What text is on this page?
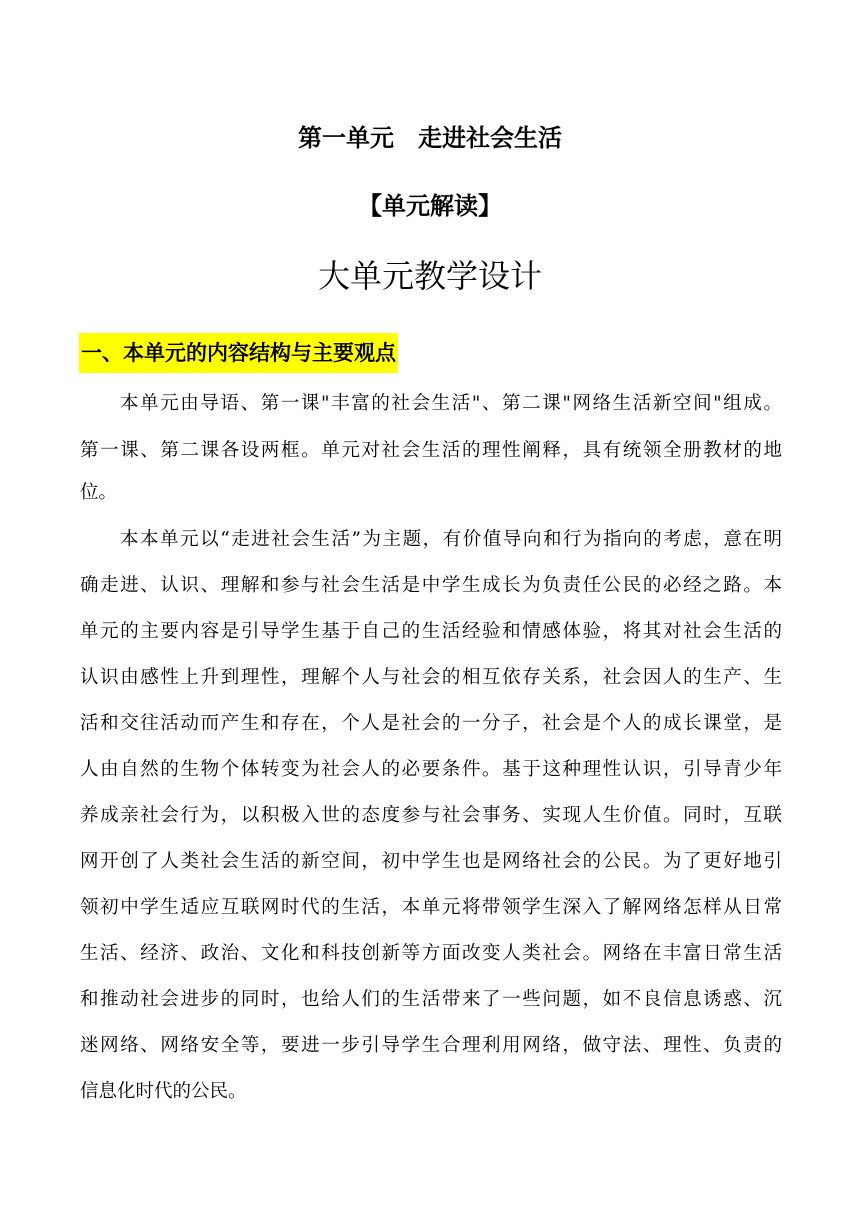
第一单元　走进社会生活
【单元解读】
大单元教学设计
一、本单元的内容结构与主要观点
本单元由导语、第一课"丰富的社会生活"、第二课"网络生活新空间"组成。
第一课、第二课各设两框。单元对社会生活的理性阐释，具有统领全册教材的地
位。
本本单元以“走进社会生活”为主题，有价值导向和行为指向的考虑，意在明
确走进、认识、理解和参与社会生活是中学生成长为负责任公民的必经之路。本
单元的主要内容是引导学生基于自己的生活经验和情感体验，将其对社会生活的
认识由感性上升到理性，理解个人与社会的相互依存关系，社会因人的生产、生
活和交往活动而产生和存在，个人是社会的一分子，社会是个人的成长课堂，是
人由自然的生物个体转变为社会人的必要条件。基于这种理性认识，引导青少年
养成亲社会行为，以积极入世的态度参与社会事务、实现人生价值。同时，互联
网开创了人类社会生活的新空间，初中学生也是网络社会的公民。为了更好地引
领初中学生适应互联网时代的生活，本单元将带领学生深入了解网络怎样从日常
生活、经济、政治、文化和科技创新等方面改变人类社会。网络在丰富日常生活
和推动社会进步的同时，也给人们的生活带来了一些问题，如不良信息诱惑、沉
迷网络、网络安全等，要进一步引导学生合理利用网络，做守法、理性、负责的
信息化时代的公民。
